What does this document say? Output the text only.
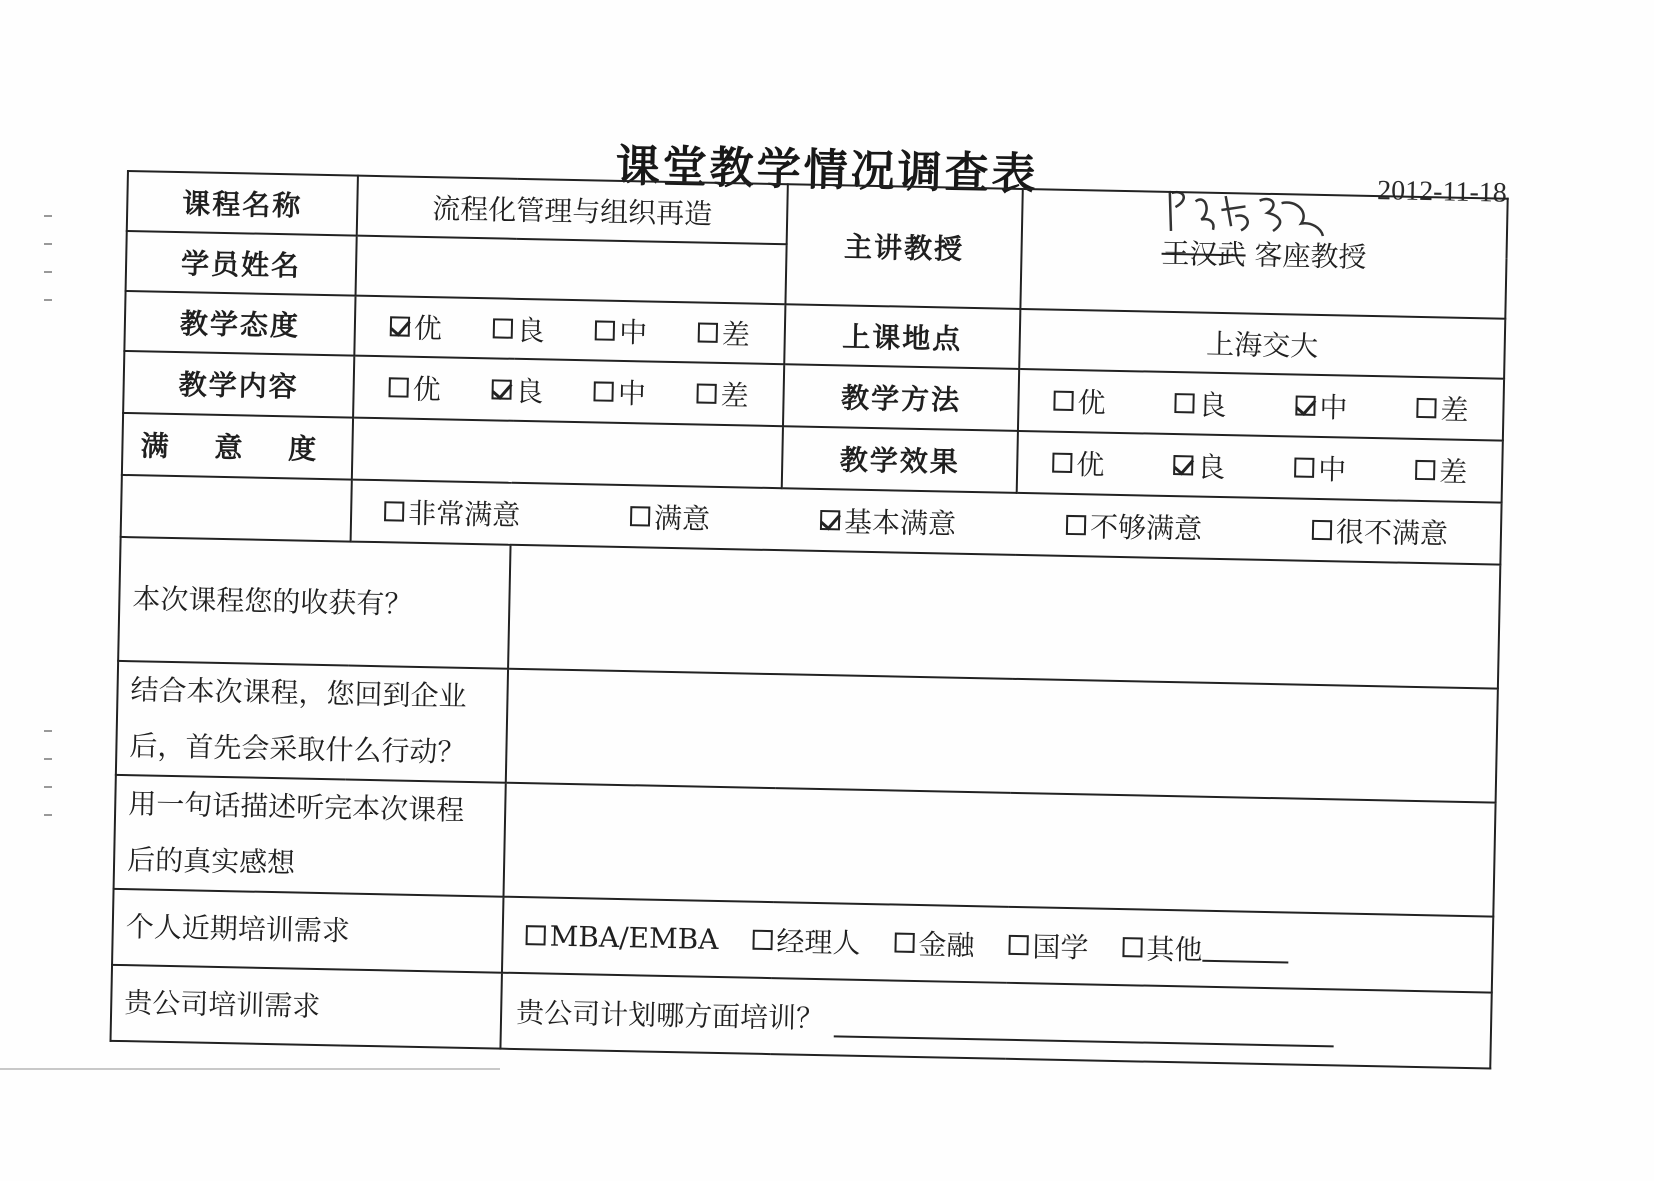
课堂教学情况调查表	2012-11-18
课程名称	流程化管理与组织再造		主讲教授	王汉武 客座教授
学员姓名				
教学态度	优 良 中 差		上课地点	上海交大
教学内容	优 良 中 差		教学方法	优 良 中 差

满 意 度			教学效果	优 良 中 差

	非常满意 满意 基本满意 不够满意 很不满意			

本次课程您的收获有？				

结合本次课程，您回到企业
后，首先会采取什么行动？				

用一句话描述听完本次课程
后的真实感想				

个人近期培训需求		MBA/EMBA 经理人 金融 国学 其他		

贵公司培训需求		贵公司计划哪方面培训？		
